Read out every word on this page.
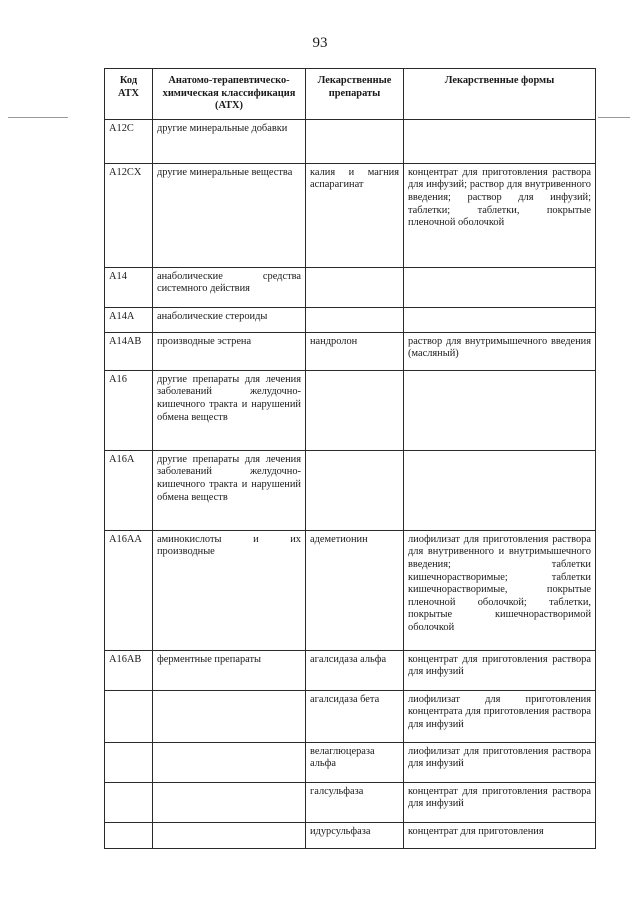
93
Код АТХ	Анатомо-терапевтическо-химическая классификация (АТХ)	Лекарственные препараты	Лекарственные формы
A12C	другие минеральные добавки		
A12CX	другие минеральные вещества	калия и магния аспарагинат	концентрат для приготовления раствора для инфузий; раствор для внутривенного введения; раствор для инфузий; таблетки; таблетки, покрытые пленочной оболочкой
A14	анаболические средства системного действия		
A14A	анаболические стероиды		
A14AB	производные эстрена	нандролон	раствор для внутримышечного введения (масляный)
A16	другие препараты для лечения заболеваний желудочно-кишечного тракта и нарушений обмена веществ		
A16A	другие препараты для лечения заболеваний желудочно-кишечного тракта и нарушений обмена веществ		
A16AA	аминокислоты и их производные	адеметионин	лиофилизат для приготовления раствора для внутривенного и внутримышечного введения; таблетки кишечнорастворимые; таблетки кишечнорастворимые, покрытые пленочной оболочкой; таблетки, покрытые кишечнорастворимой оболочкой
A16AB	ферментные препараты	агалсидаза альфа	концентрат для приготовления раствора для инфузий
		агалсидаза бета	лиофилизат для приготовления концентрата для приготовления раствора для инфузий
		велаглюцераза альфа	лиофилизат для приготовления раствора для инфузий
		галсульфаза	концентрат для приготовления раствора для инфузий
		идурсульфаза	концентрат для приготовления
